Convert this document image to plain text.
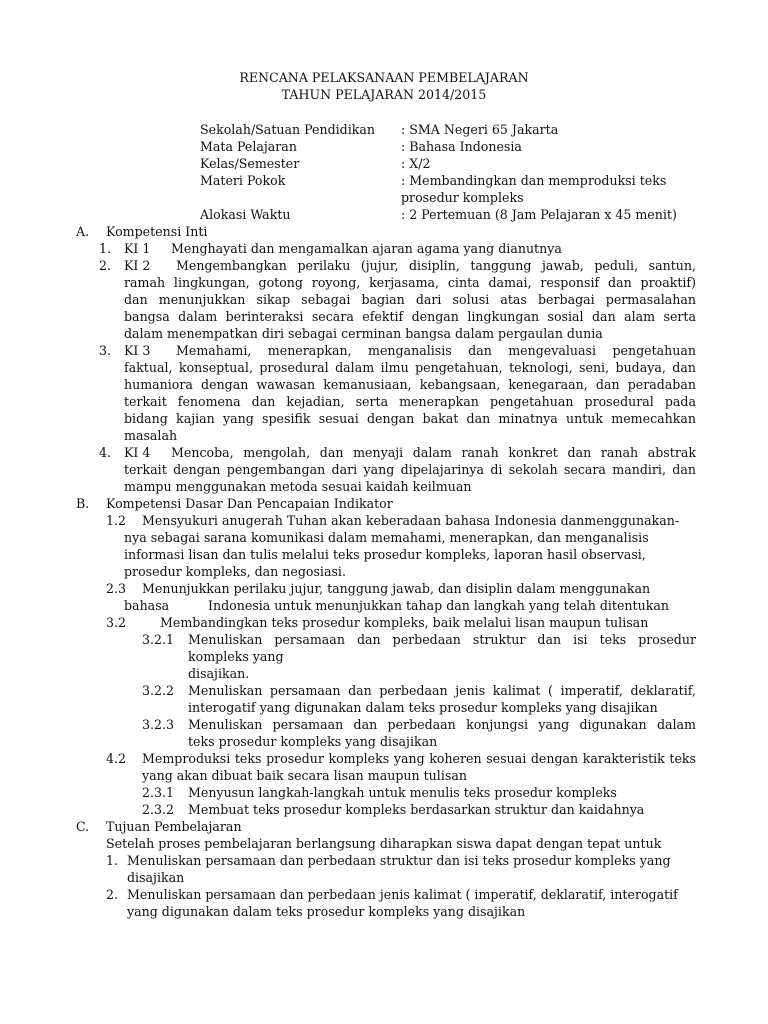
RENCANA PELAKSANAAN PEMBELAJARAN
TAHUN PELAJARAN 2014/2015
Sekolah/Satuan Pendidikan : SMA Negeri 65 Jakarta
Mata Pelajaran	: Bahasa Indonesia
Kelas/Semester	: X/2
Materi Pokok	: Membandingkan dan memproduksi teks
prosedur kompleks
Alokasi Waktu	: 2 Pertemuan (8 Jam Pelajaran x 45 menit)
A. Kompetensi Inti
1. KI 1 Menghayati dan mengamalkan ajaran agama yang dianutnya
2. KI 2 Mengembangkan perilaku (jujur, disiplin, tanggung jawab, peduli, santun,
ramah lingkungan, gotong royong, kerjasama, cinta damai, responsif dan proaktif)
dan menunjukkan sikap sebagai bagian dari solusi atas berbagai permasalahan
bangsa dalam berinteraksi secara efektif dengan lingkungan sosial dan alam serta
dalam menempatkan diri sebagai cerminan bangsa dalam pergaulan dunia
3. KI 3 Memahami, menerapkan, menganalisis dan mengevaluasi pengetahuan
faktual, konseptual, prosedural dalam ilmu pengetahuan, teknologi, seni, budaya, dan
humaniora dengan wawasan kemanusiaan, kebangsaan, kenegaraan, dan peradaban
terkait fenomena dan kejadian, serta menerapkan pengetahuan prosedural pada
bidang kajian yang spesifik sesuai dengan bakat dan minatnya untuk memecahkan
masalah
4. KI 4 Mencoba, mengolah, dan menyaji dalam ranah konkret dan ranah abstrak
terkait dengan pengembangan dari yang dipelajarinya di sekolah secara mandiri, dan
mampu menggunakan metoda sesuai kaidah keilmuan
B. Kompetensi Dasar Dan Pencapaian Indikator
1.2 Mensyukuri anugerah Tuhan akan keberadaan bahasa Indonesia danmenggunakan-
nya sebagai sarana komunikasi dalam memahami, menerapkan, dan menganalisis
informasi lisan dan tulis melalui teks prosedur kompleks, laporan hasil observasi,
prosedur kompleks, dan negosiasi.
2.3 Menunjukkan perilaku jujur, tanggung jawab, dan disiplin dalam menggunakan
bahasa	Indonesia untuk menunjukkan tahap dan langkah yang telah ditentukan
3.2	Membandingkan teks prosedur kompleks, baik melalui lisan maupun tulisan
3.2.1 Menuliskan persamaan dan perbedaan struktur dan isi teks prosedur
kompleks yang
disajikan.
3.2.2 Menuliskan persamaan dan perbedaan jenis kalimat ( imperatif, deklaratif,
interogatif yang digunakan dalam teks prosedur kompleks yang disajikan
3.2.3 Menuliskan persamaan dan perbedaan konjungsi yang digunakan dalam
teks prosedur kompleks yang disajikan
4.2 Memproduksi teks prosedur kompleks yang koheren sesuai dengan karakteristik teks
yang akan dibuat baik secara lisan maupun tulisan
2.3.1 Menyusun langkah-langkah untuk menulis teks prosedur kompleks
2.3.2 Membuat teks prosedur kompleks berdasarkan struktur dan kaidahnya
C. Tujuan Pembelajaran
Setelah proses pembelajaran berlangsung diharapkan siswa dapat dengan tepat untuk
1. Menuliskan persamaan dan perbedaan struktur dan isi teks prosedur kompleks yang
disajikan
2. Menuliskan persamaan dan perbedaan jenis kalimat ( imperatif, deklaratif, interogatif
yang digunakan dalam teks prosedur kompleks yang disajikan
